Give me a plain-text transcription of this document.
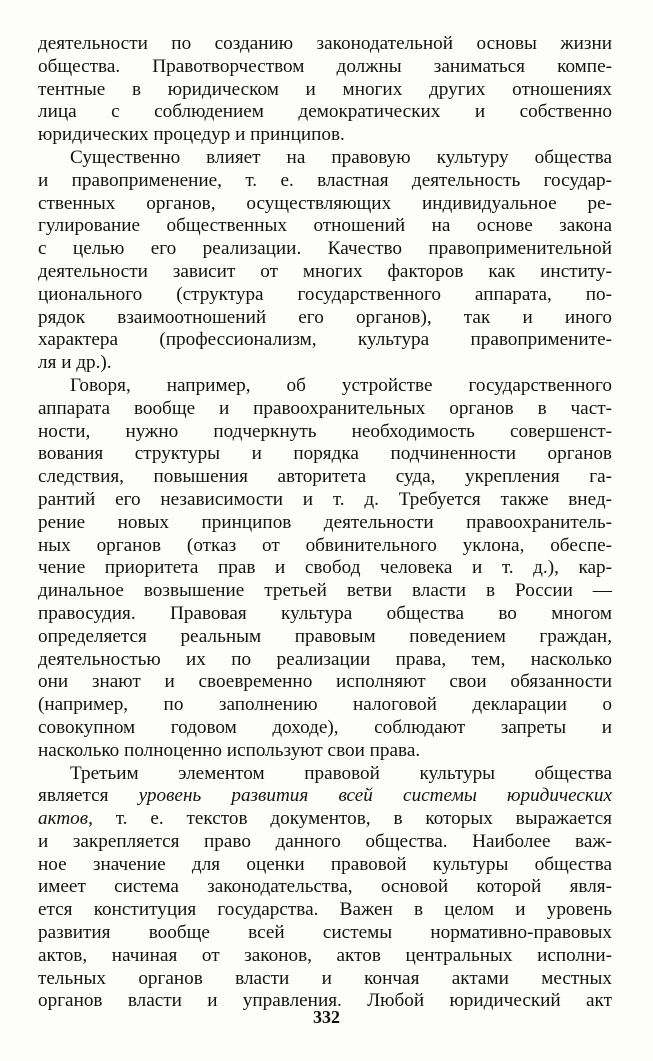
деятельности по созданию законодательной основы жизни
общества. Правотворчеством должны заниматься компе-
тентные в юридическом и многих других отношениях
лица с соблюдением демократических и собственно
юридических процедур и принципов.
Существенно влияет на правовую культуру общества
и правоприменение, т. е. властная деятельность государ-
ственных органов, осуществляющих индивидуальное ре-
гулирование общественных отношений на основе закона
с целью его реализации. Качество правоприменительной
деятельности зависит от многих факторов как институ-
ционального (структура государственного аппарата, по-
рядок взаимоотношений его органов), так и иного
характера (профессионализм, культура правопримените-
ля и др.).
Говоря, например, об устройстве государственного
аппарата вообще и правоохранительных органов в част-
ности, нужно подчеркнуть необходимость совершенст-
вования структуры и порядка подчиненности органов
следствия, повышения авторитета суда, укрепления га-
рантий его независимости и т. д. Требуется также внед-
рение новых принципов деятельности правоохранитель-
ных органов (отказ от обвинительного уклона, обеспе-
чение приоритета прав и свобод человека и т. д.), кар-
динальное возвышение третьей ветви власти в России —
правосудия. Правовая культура общества во многом
определяется реальным правовым поведением граждан,
деятельностью их по реализации права, тем, насколько
они знают и своевременно исполняют свои обязанности
(например, по заполнению налоговой декларации о
совокупном годовом доходе), соблюдают запреты и
насколько полноценно используют свои права.
Третьим элементом правовой культуры общества
является уровень развития всей системы юридических
актов, т. е. текстов документов, в которых выражается
и закрепляется право данного общества. Наиболее важ-
ное значение для оценки правовой культуры общества
имеет система законодательства, основой которой явля-
ется конституция государства. Важен в целом и уровень
развития вообще всей системы нормативно-правовых
актов, начиная от законов, актов центральных исполни-
тельных органов власти и кончая актами местных
органов власти и управления. Любой юридический акт
332
